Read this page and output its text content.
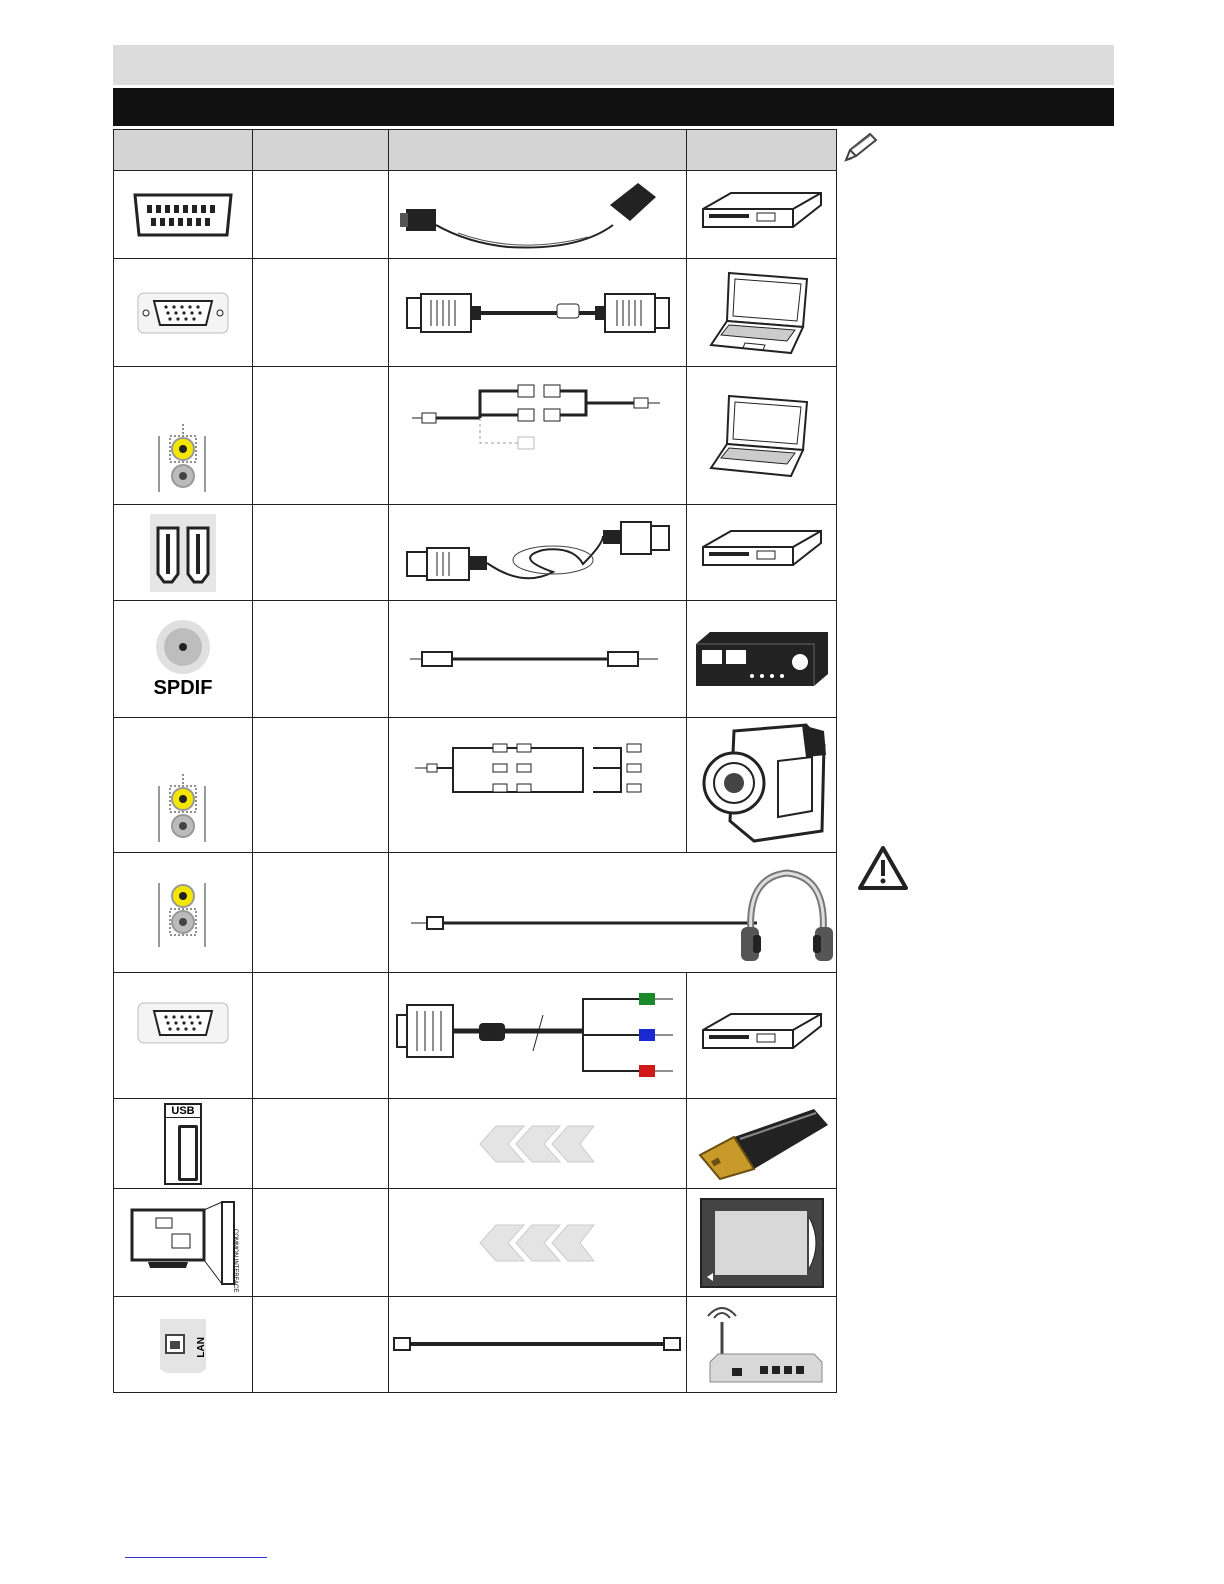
SPDIF

USB

COMMON INTERFACE

LAN
